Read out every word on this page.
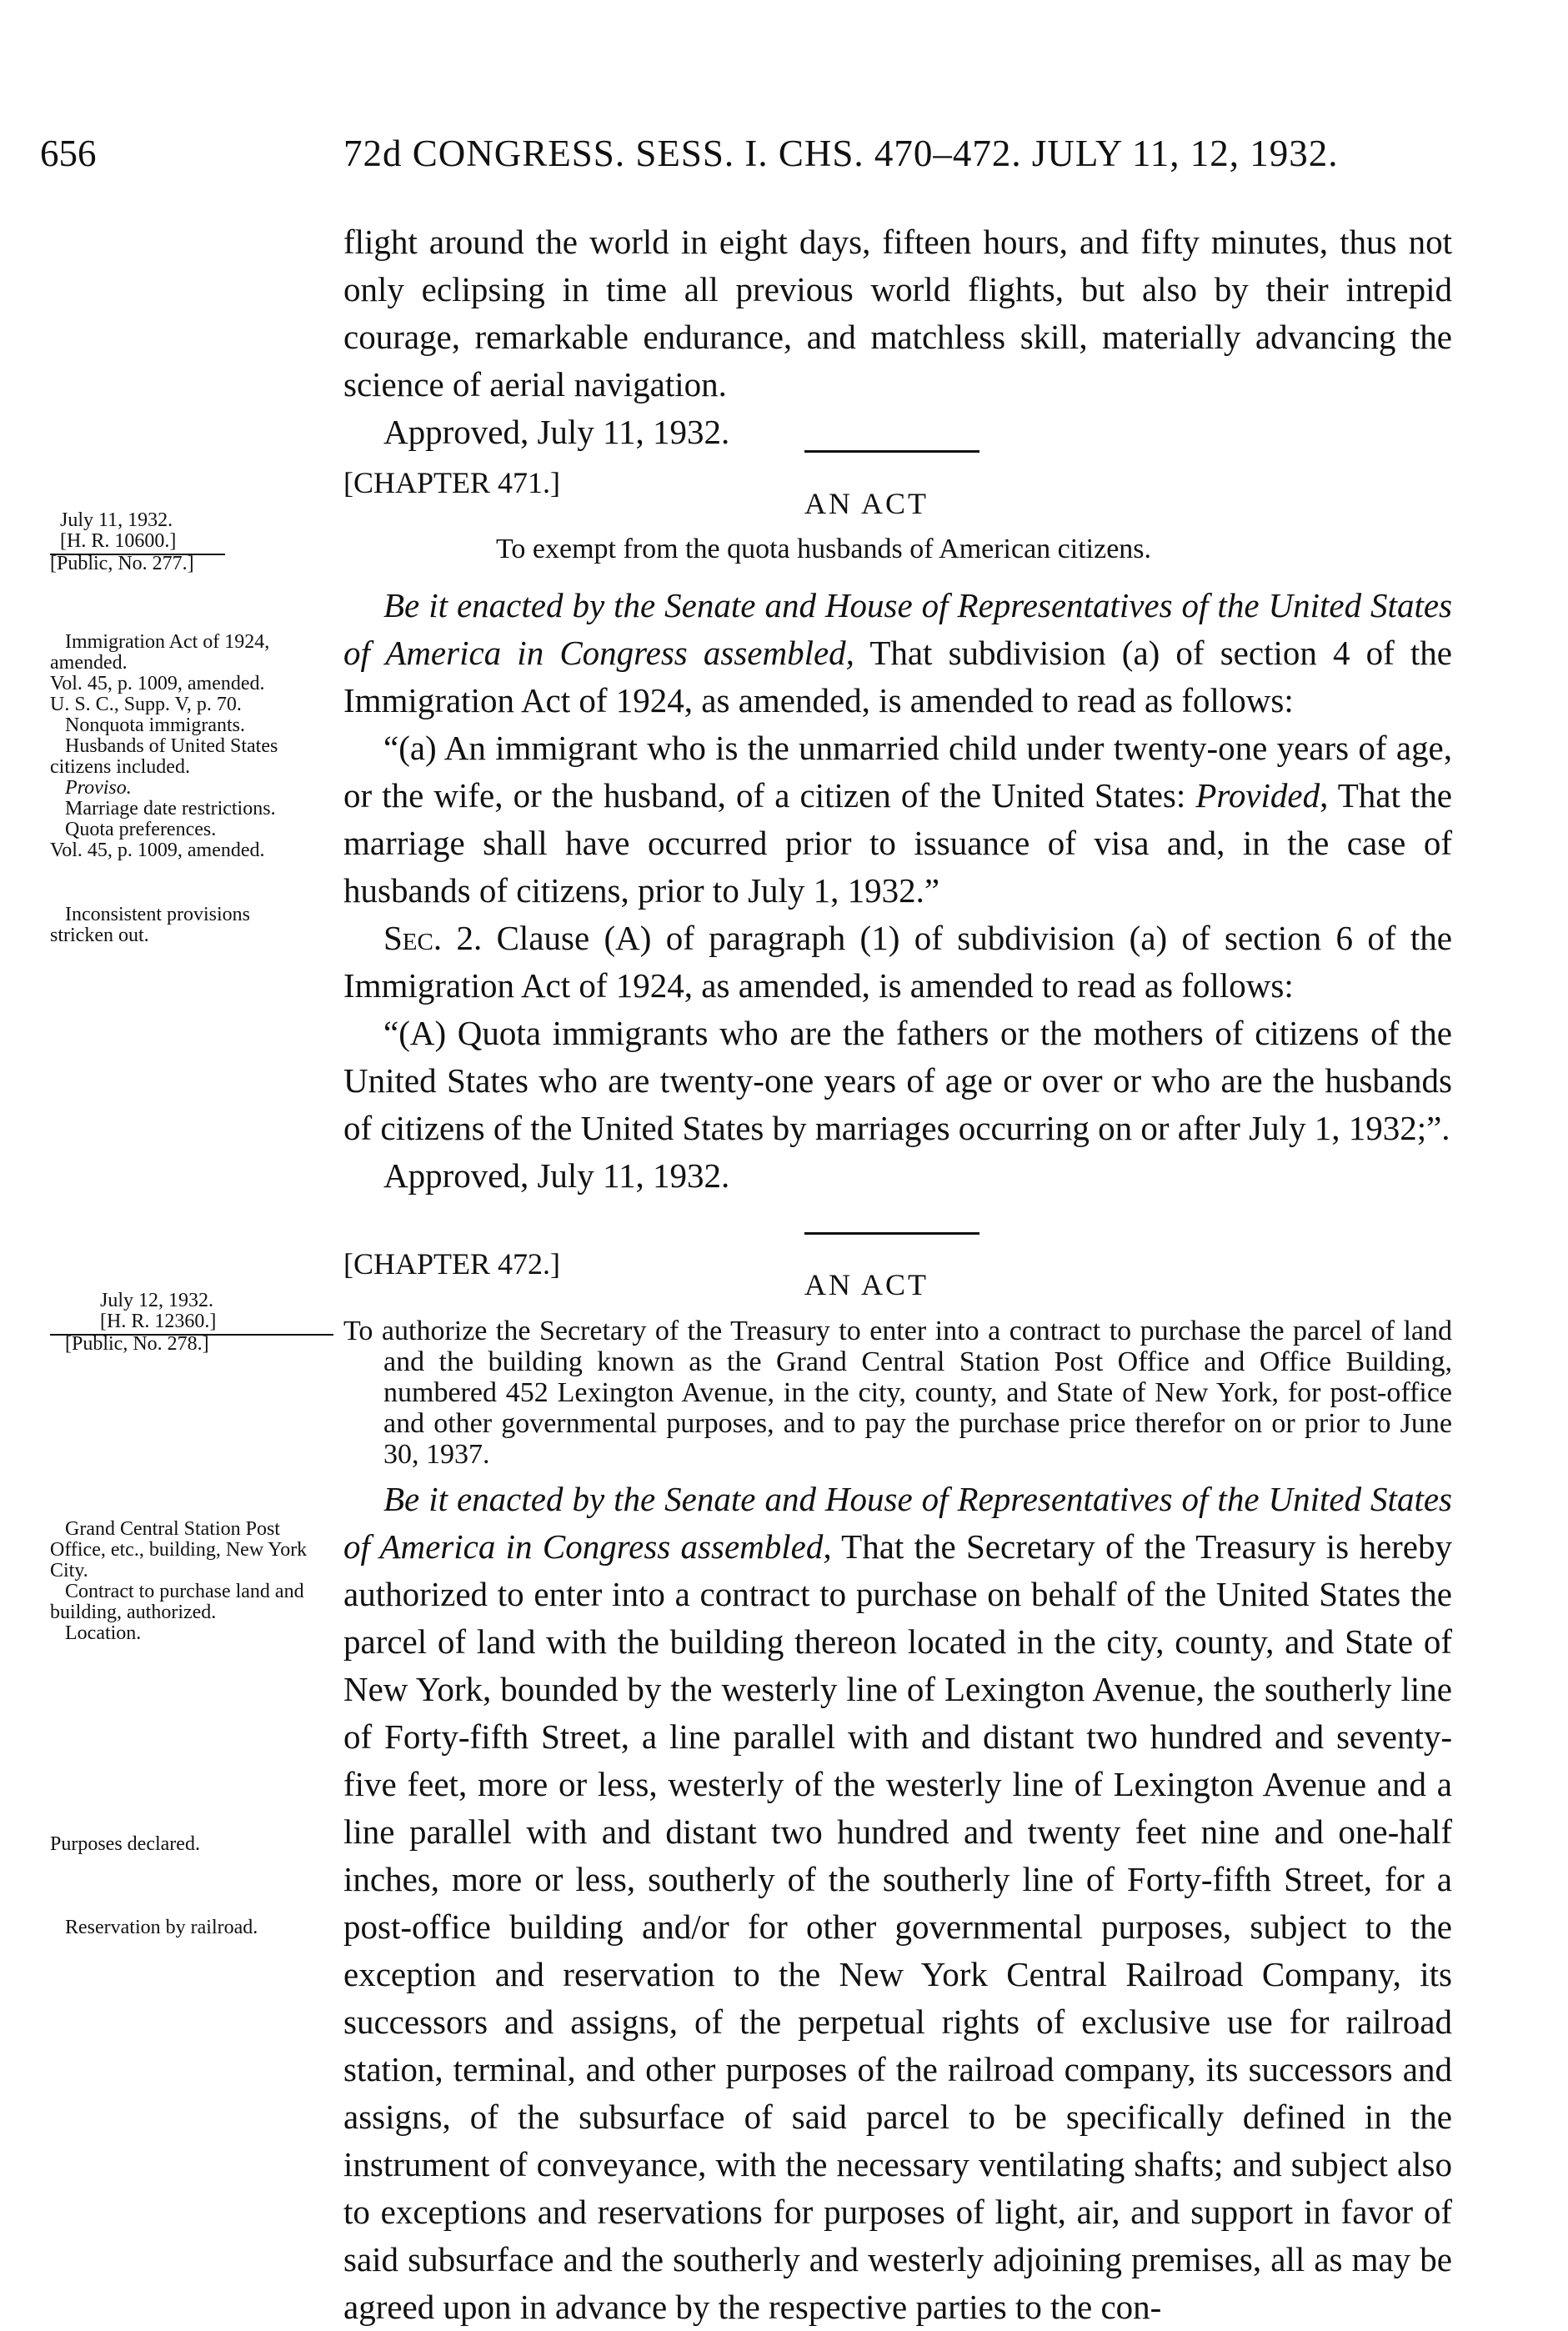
656	72d CONGRESS. SESS. I. CHS. 470–472. JULY 11, 12, 1932.

flight around the world in eight days, fifteen hours, and fifty minutes, thus not only eclipsing in time all previous world flights, but also by their intrepid courage, remarkable endurance, and matchless skill, materially advancing the science of aerial navigation.

Approved, July 11, 1932.

[CHAPTER 471.]
AN ACT
To exempt from the quota husbands of American citizens.
July 11, 1932.
[H. R. 10600.]
[Public, No. 277.]

Be it enacted by the Senate and House of Representatives of the United States of America in Congress assembled, That subdivision (a) of section 4 of the Immigration Act of 1924, as amended, is amended to read as follows:

“(a) An immigrant who is the unmarried child under twenty-one years of age, or the wife, or the husband, of a citizen of the United States: Provided, That the marriage shall have occurred prior to issuance of visa and, in the case of husbands of citizens, prior to July 1, 1932.”

Sec. 2. Clause (A) of paragraph (1) of subdivision (a) of section 6 of the Immigration Act of 1924, as amended, is amended to read as follows:

“(A) Quota immigrants who are the fathers or the mothers of citizens of the United States who are twenty-one years of age or over or who are the husbands of citizens of the United States by marriages occurring on or after July 1, 1932;”.

Approved, July 11, 1932.

Immigration Act of 1924, amended.
Vol. 45, p. 1009, amended.
U. S. C., Supp. V, p. 70.
Nonquota immigrants.
Husbands of United States citizens included.
Proviso.
Marriage date restrictions.
Quota preferences.
Vol. 45, p. 1009, amended.
Inconsistent provisions stricken out.
[CHAPTER 472.]
AN ACT
July 12, 1932.
[H. R. 12360.]
[Public, No. 278.]	To authorize the Secretary of the Treasury to enter into a contract to purchase the parcel of land and the building known as the Grand Central Station Post Office and Office Building, numbered 452 Lexington Avenue, in the city, county, and State of New York, for post-office and other governmental purposes, and to pay the purchase price therefor on or prior to June 30, 1937.

Be it enacted by the Senate and House of Representatives of the United States of America in Congress assembled, That the Secretary of the Treasury is hereby authorized to enter into a contract to purchase on behalf of the United States the parcel of land with the building thereon located in the city, county, and State of New York, bounded by the westerly line of Lexington Avenue, the southerly line of Forty-fifth Street, a line parallel with and distant two hundred and seventy-five feet, more or less, westerly of the westerly line of Lexington Avenue and a line parallel with and distant two hundred and twenty feet nine and one-half inches, more or less, southerly of the southerly line of Forty-fifth Street, for a post-office building and/or for other governmental purposes, subject to the exception and reservation to the New York Central Railroad Company, its successors and assigns, of the perpetual rights of exclusive use for railroad station, terminal, and other purposes of the railroad company, its successors and assigns, of the subsurface of said parcel to be specifically defined in the instrument of conveyance, with the necessary ventilating shafts; and subject also to exceptions and reservations for purposes of light, air, and support in favor of said subsurface and the southerly and westerly adjoining premises, all as may be agreed upon in advance by the respective parties to the con-

Grand Central Station Post Office, etc., building, New York City.
Contract to purchase land and building, authorized.
Location.
Purposes declared.
Reservation by railroad.
